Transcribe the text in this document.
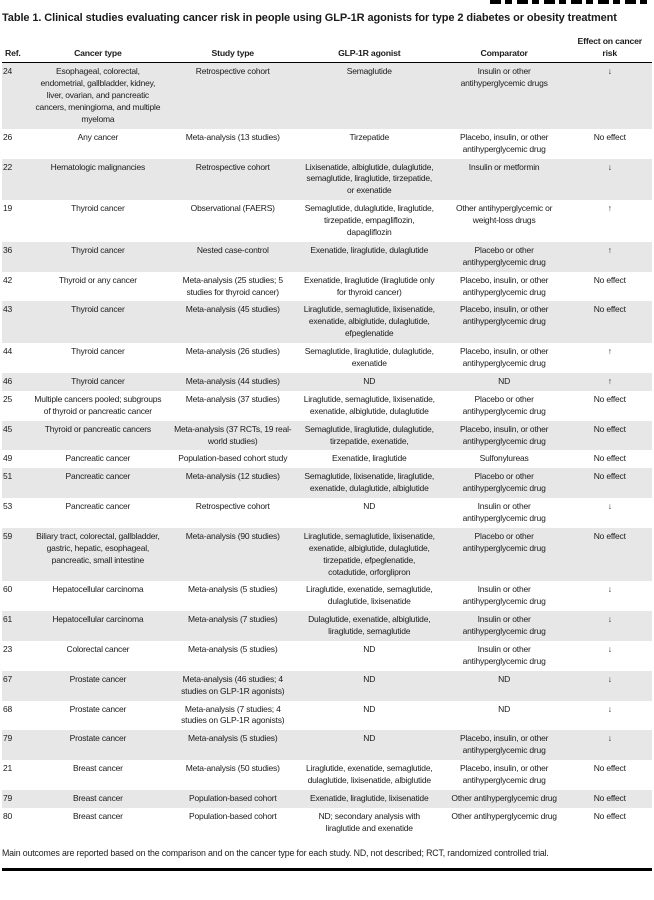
Table 1. Clinical studies evaluating cancer risk in people using GLP-1R agonists for type 2 diabetes or obesity treatment
Ref.	Cancer type	Study type	GLP-1R agonist	Comparator	Effect on cancer risk
24	Esophageal, colorectal, endometrial, gallbladder, kidney, liver, ovarian, and pancreatic cancers, meningioma, and multiple myeloma	Retrospective cohort	Semaglutide	Insulin or other antihyperglycemic drugs	↓
26	Any cancer	Meta-analysis (13 studies)	Tirzepatide	Placebo, insulin, or other antihyperglycemic drug	No effect
22	Hematologic malignancies	Retrospective cohort	Lixisenatide, albiglutide, dulaglutide, semaglutide, liraglutide, tirzepatide, or exenatide	Insulin or metformin	↓
19	Thyroid cancer	Observational (FAERS)	Semaglutide, dulaglutide, liraglutide, tirzepatide, empagliflozin, dapagliflozin	Other antihyperglycemic or weight-loss drugs	↑
36	Thyroid cancer	Nested case-control	Exenatide, liraglutide, dulaglutide	Placebo or other antihyperglycemic drug	↑
42	Thyroid or any cancer	Meta-analysis (25 studies; 5 studies for thyroid cancer)	Exenatide, liraglutide (liraglutide only for thyroid cancer)	Placebo, insulin, or other antihyperglycemic drug	No effect
43	Thyroid cancer	Meta-analysis (45 studies)	Liraglutide, semaglutide, lixisenatide, exenatide, albiglutide, dulaglutide, efpeglenatide	Placebo, insulin, or other antihyperglycemic drug	No effect
44	Thyroid cancer	Meta-analysis (26 studies)	Semaglutide, liraglutide, dulaglutide, exenatide	Placebo, insulin, or other antihyperglycemic drug	↑
46	Thyroid cancer	Meta-analysis (44 studies)	ND	ND	↑
25	Multiple cancers pooled; subgroups of thyroid or pancreatic cancer	Meta-analysis (37 studies)	Liraglutide, semaglutide, lixisenatide, exenatide, albiglutide, dulaglutide	Placebo or other antihyperglycemic drug	No effect
45	Thyroid or pancreatic cancers	Meta-analysis (37 RCTs, 19 real-world studies)	Semaglutide, liraglutide, dulaglutide, tirzepatide, exenatide,	Placebo, insulin, or other antihyperglycemic drug	No effect
49	Pancreatic cancer	Population-based cohort study	Exenatide, liraglutide	Sulfonylureas	No effect
51	Pancreatic cancer	Meta-analysis (12 studies)	Semaglutide, lixisenatide, liraglutide, exenatide, dulaglutide, albiglutide	Placebo or other antihyperglycemic drug	No effect
53	Pancreatic cancer	Retrospective cohort	ND	Insulin or other antihyperglycemic drug	↓
59	Biliary tract, colorectal, gallbladder, gastric, hepatic, esophageal, pancreatic, small intestine	Meta-analysis (90 studies)	Liraglutide, semaglutide, lixisenatide, exenatide, albiglutide, dulaglutide, tirzepatide, efpeglenatide, cotadutide, orforglipron	Placebo or other antihyperglycemic drug	No effect
60	Hepatocellular carcinoma	Meta-analysis (5 studies)	Liraglutide, exenatide, semaglutide, dulaglutide, lixisenatide	Insulin or other antihyperglycemic drug	↓
61	Hepatocellular carcinoma	Meta-analysis (7 studies)	Dulaglutide, exenatide, albiglutide, liraglutide, semaglutide	Insulin or other antihyperglycemic drug	↓
23	Colorectal cancer	Meta-analysis (5 studies)	ND	Insulin or other antihyperglycemic drug	↓
67	Prostate cancer	Meta-analysis (46 studies; 4 studies on GLP-1R agonists)	ND	ND	↓
68	Prostate cancer	Meta-analysis (7 studies; 4 studies on GLP-1R agonists)	ND	ND	↓
79	Prostate cancer	Meta-analysis (5 studies)	ND	Placebo, insulin, or other antihyperglycemic drug	↓
21	Breast cancer	Meta-analysis (50 studies)	Liraglutide, exenatide, semaglutide, dulaglutide, lixisenatide, albiglutide	Placebo, insulin, or other antihyperglycemic drug	No effect
79	Breast cancer	Population-based cohort	Exenatide, liraglutide, lixisenatide	Other antihyperglycemic drug	No effect
80	Breast cancer	Population-based cohort	ND; secondary analysis with liraglutide and exenatide	Other antihyperglycemic drug	No effect
Main outcomes are reported based on the comparison and on the cancer type for each study. ND, not described; RCT, randomized controlled trial.
